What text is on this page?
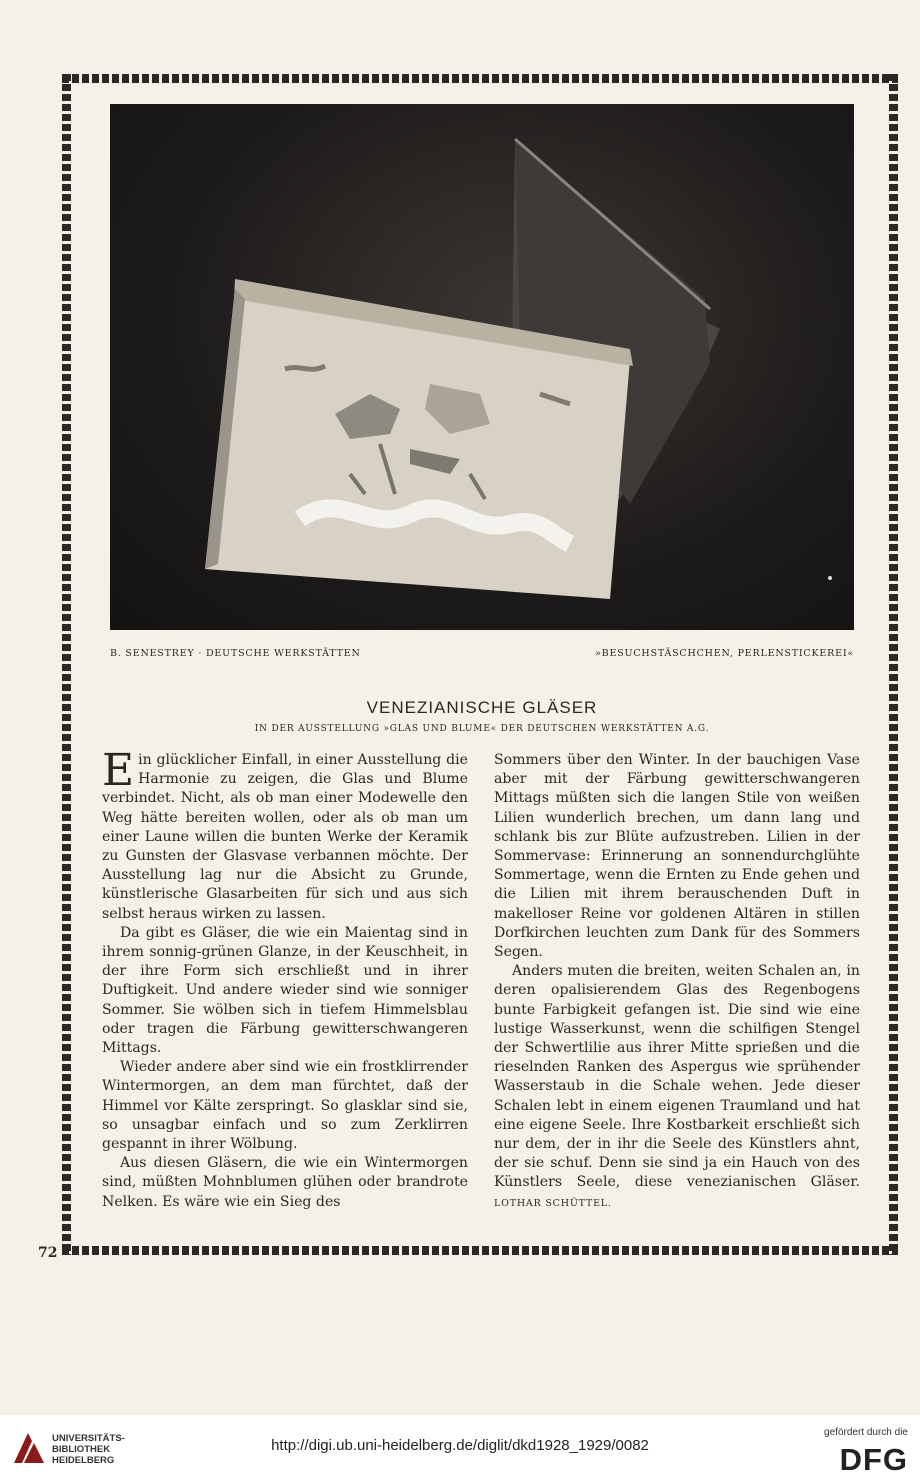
B. SENESTREY · DEUTSCHE WERKSTÄTTEN	»BESUCHSTÄSCHCHEN, PERLENSTICKEREI«
VENEZIANISCHE GLÄSER
IN DER AUSSTELLUNG »GLAS UND BLUME« DER DEUTSCHEN WERKSTÄTTEN A.G.

Ein glücklicher Einfall, in einer Ausstellung die Harmonie zu zeigen, die Glas und Blume verbindet. Nicht, als ob man einer Modewelle den Weg hätte bereiten wollen, oder als ob man um einer Laune willen die bunten Werke der Keramik zu Gunsten der Glasvase verbannen möchte. Der Ausstellung lag nur die Absicht zu Grunde, künstlerische Glasarbeiten für sich und aus sich selbst heraus wirken zu lassen.

Da gibt es Gläser, die wie ein Maientag sind in ihrem sonnig-grünen Glanze, in der Keuschheit, in der ihre Form sich erschließt und in ihrer Duftigkeit. Und andere wieder sind wie sonniger Sommer. Sie wölben sich in tiefem Himmelsblau oder tragen die Färbung gewitterschwangeren Mittags.

Wieder andere aber sind wie ein frostklirrender Wintermorgen, an dem man fürchtet, daß der Himmel vor Kälte zerspringt. So glasklar sind sie, so unsagbar einfach und so zum Zerklirren gespannt in ihrer Wölbung.

Aus diesen Gläsern, die wie ein Wintermorgen sind, müßten Mohnblumen glühen oder brandrote Nelken. Es wäre wie ein Sieg des

Sommers über den Winter. In der bauchigen Vase aber mit der Färbung gewitterschwangeren Mittags müßten sich die langen Stile von weißen Lilien wunderlich brechen, um dann lang und schlank bis zur Blüte aufzustreben. Lilien in der Sommervase: Erinnerung an sonnendurchglühte Sommertage, wenn die Ernten zu Ende gehen und die Lilien mit ihrem berauschenden Duft in makelloser Reine vor goldenen Altären in stillen Dorfkirchen leuchten zum Dank für des Sommers Segen.

Anders muten die breiten, weiten Schalen an, in deren opalisierendem Glas des Regenbogens bunte Farbigkeit gefangen ist. Die sind wie eine lustige Wasserkunst, wenn die schilfigen Stengel der Schwertlilie aus ihrer Mitte sprießen und die rieselnden Ranken des Aspergus wie sprühender Wasserstaub in die Schale wehen. Jede dieser Schalen lebt in einem eigenen Traumland und hat eine eigene Seele. Ihre Kostbarkeit erschließt sich nur dem, der in ihr die Seele des Künstlers ahnt, der sie schuf. Denn sie sind ja ein Hauch von des Künstlers Seele, diese venezianischen Gläser. LOTHAR SCHÜTTEL.

72
UNIVERSITÄTS-
BIBLIOTHEK
HEIDELBERG
http://digi.ub.uni-heidelberg.de/diglit/dkd1928_1929/0082
gefördert durch die
DFG
